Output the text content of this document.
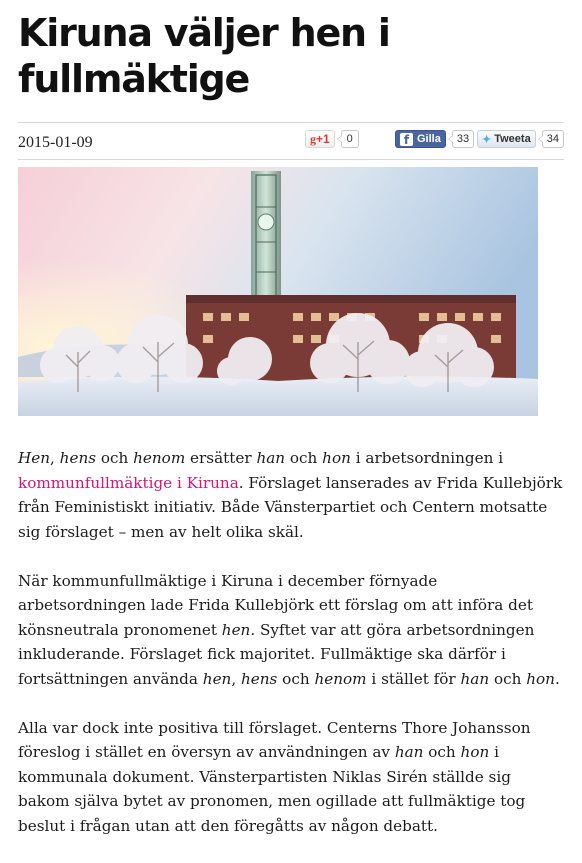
Kiruna väljer hen i fullmäktige
2015-01-09	g +1	0	f Gilla	33	✦ Tweeta	34

Hen, hens och henom ersätter han och hon i arbetsordningen i kommunfullmäktige i Kiruna. Förslaget lanserades av Frida Kullebjörk från Feministiskt initiativ. Både Vänsterpartiet och Centern motsatte sig förslaget – men av helt olika skäl.

När kommunfullmäktige i Kiruna i december förnyade arbetsordningen lade Frida Kullebjörk ett förslag om att införa det könsneutrala pronomenet hen. Syftet var att göra arbetsordningen inkluderande. Förslaget fick majoritet. Fullmäktige ska därför i fortsättningen använda hen, hens och henom i stället för han och hon.

Alla var dock inte positiva till förslaget. Centerns Thore Johansson föreslog i stället en översyn av användningen av han och hon i kommunala dokument. Vänsterpartisten Niklas Sirén ställde sig bakom själva bytet av pronomen, men ogillade att fullmäktige tog beslut i frågan utan att den föregåtts av någon debatt.
